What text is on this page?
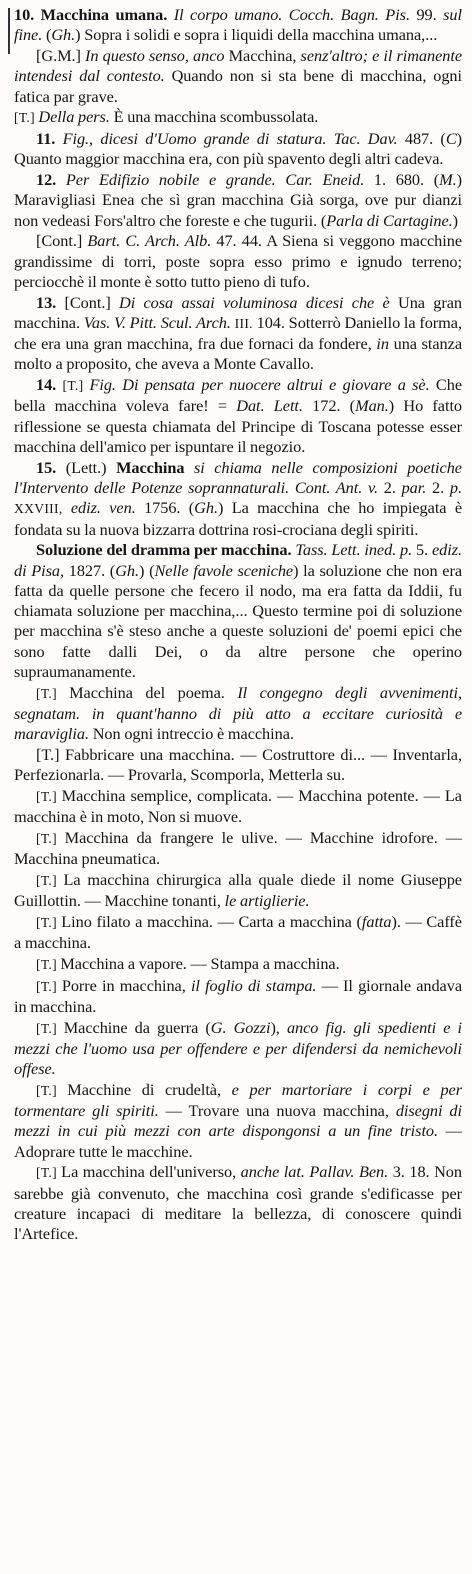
10. Macchina umana. Il corpo umano. Cocch. Bagn. Pis. 99. sul fine. (Gh.) Sopra i solidi e sopra i liquidi della macchina umana,...

[G.M.] In questo senso, anco Macchina, senz'altro; e il rimanente intendesi dal contesto. Quando non si sta bene di macchina, ogni fatica par grave.

[T.] Della pers. È una macchina scombussolata.

11. Fig., dicesi d'Uomo grande di statura. Tac. Dav. 487. (C) Quanto maggior macchina era, con più spavento degli altri cadeva.

12. Per Edifizio nobile e grande. Car. Eneid. 1. 680. (M.) Maravigliasi Enea che sì gran macchina Già sorga, ove pur dianzi non vedeasi Fors'altro che foreste e che tugurii. (Parla di Cartagine.)

[Cont.] Bart. C. Arch. Alb. 47. 44. A Siena si veggono macchine grandissime di torri, poste sopra esso primo e ignudo terreno; perciocchè il monte è sotto tutto pieno di tufo.

13. [Cont.] Di cosa assai voluminosa dicesi che è Una gran macchina. Vas. V. Pitt. Scul. Arch. III. 104. Sotterrò Daniello la forma, che era una gran macchina, fra due fornaci da fondere, in una stanza molto a proposito, che aveva a Monte Cavallo.

14. [T.] Fig. Di pensata per nuocere altrui e giovare a sè. Che bella macchina voleva fare! = Dat. Lett. 172. (Man.) Ho fatto riflessione se questa chiamata del Principe di Toscana potesse esser macchina dell'amico per ispuntare il negozio.

15. (Lett.) Macchina si chiama nelle composizioni poetiche l'Intervento delle Potenze soprannaturali. Cont. Ant. v. 2. par. 2. p. XXVIII, ediz. ven. 1756. (Gh.) La macchina che ho impiegata è fondata su la nuova bizzarra dottrina rosi-crociana degli spiriti.

Soluzione del dramma per macchina. Tass. Lett. ined. p. 5. ediz. di Pisa, 1827. (Gh.) (Nelle favole sceniche) la soluzione che non era fatta da quelle persone che fecero il nodo, ma era fatta da Iddii, fu chiamata soluzione per macchina,... Questo termine poi di soluzione per macchina s'è steso anche a queste soluzioni de' poemi epici che sono fatte dalli Dei, o da altre persone che operino supraumanamente.

[T.] Macchina del poema. Il congegno degli avvenimenti, segnatam. in quant'hanno di più atto a eccitare curiosità e maraviglia. Non ogni intreccio è macchina.

[T.] Fabbricare una macchina. — Costruttore di... — Inventarla, Perfezionarla. — Provarla, Scomporla, Metterla su.

[T.] Macchina semplice, complicata. — Macchina potente. — La macchina è in moto, Non si muove.

[T.] Macchina da frangere le ulive. — Macchine idrofore. — Macchina pneumatica.

[T.] La macchina chirurgica alla quale diede il nome Giuseppe Guillottin. — Macchine tonanti, le artiglierie.

[T.] Lino filato a macchina. — Carta a macchina (fatta). — Caffè a macchina.

[T.] Macchina a vapore. — Stampa a macchina.

[T.] Porre in macchina, il foglio di stampa. — Il giornale andava in macchina.

[T.] Macchine da guerra (G. Gozzi), anco fig. gli spedienti e i mezzi che l'uomo usa per offendere e per difendersi da nemichevoli offese.

[T.] Macchine di crudeltà, e per martoriare i corpi e per tormentare gli spiriti. — Trovare una nuova macchina, disegni di mezzi in cui più mezzi con arte dispongonsi a un fine tristo. — Adoprare tutte le macchine.

[T.] La macchina dell'universo, anche lat. Pallav. Ben. 3. 18. Non sarebbe già convenuto, che macchina così grande s'edificasse per creature incapaci di meditare la bellezza, di conoscere quindi l'Artefice.
